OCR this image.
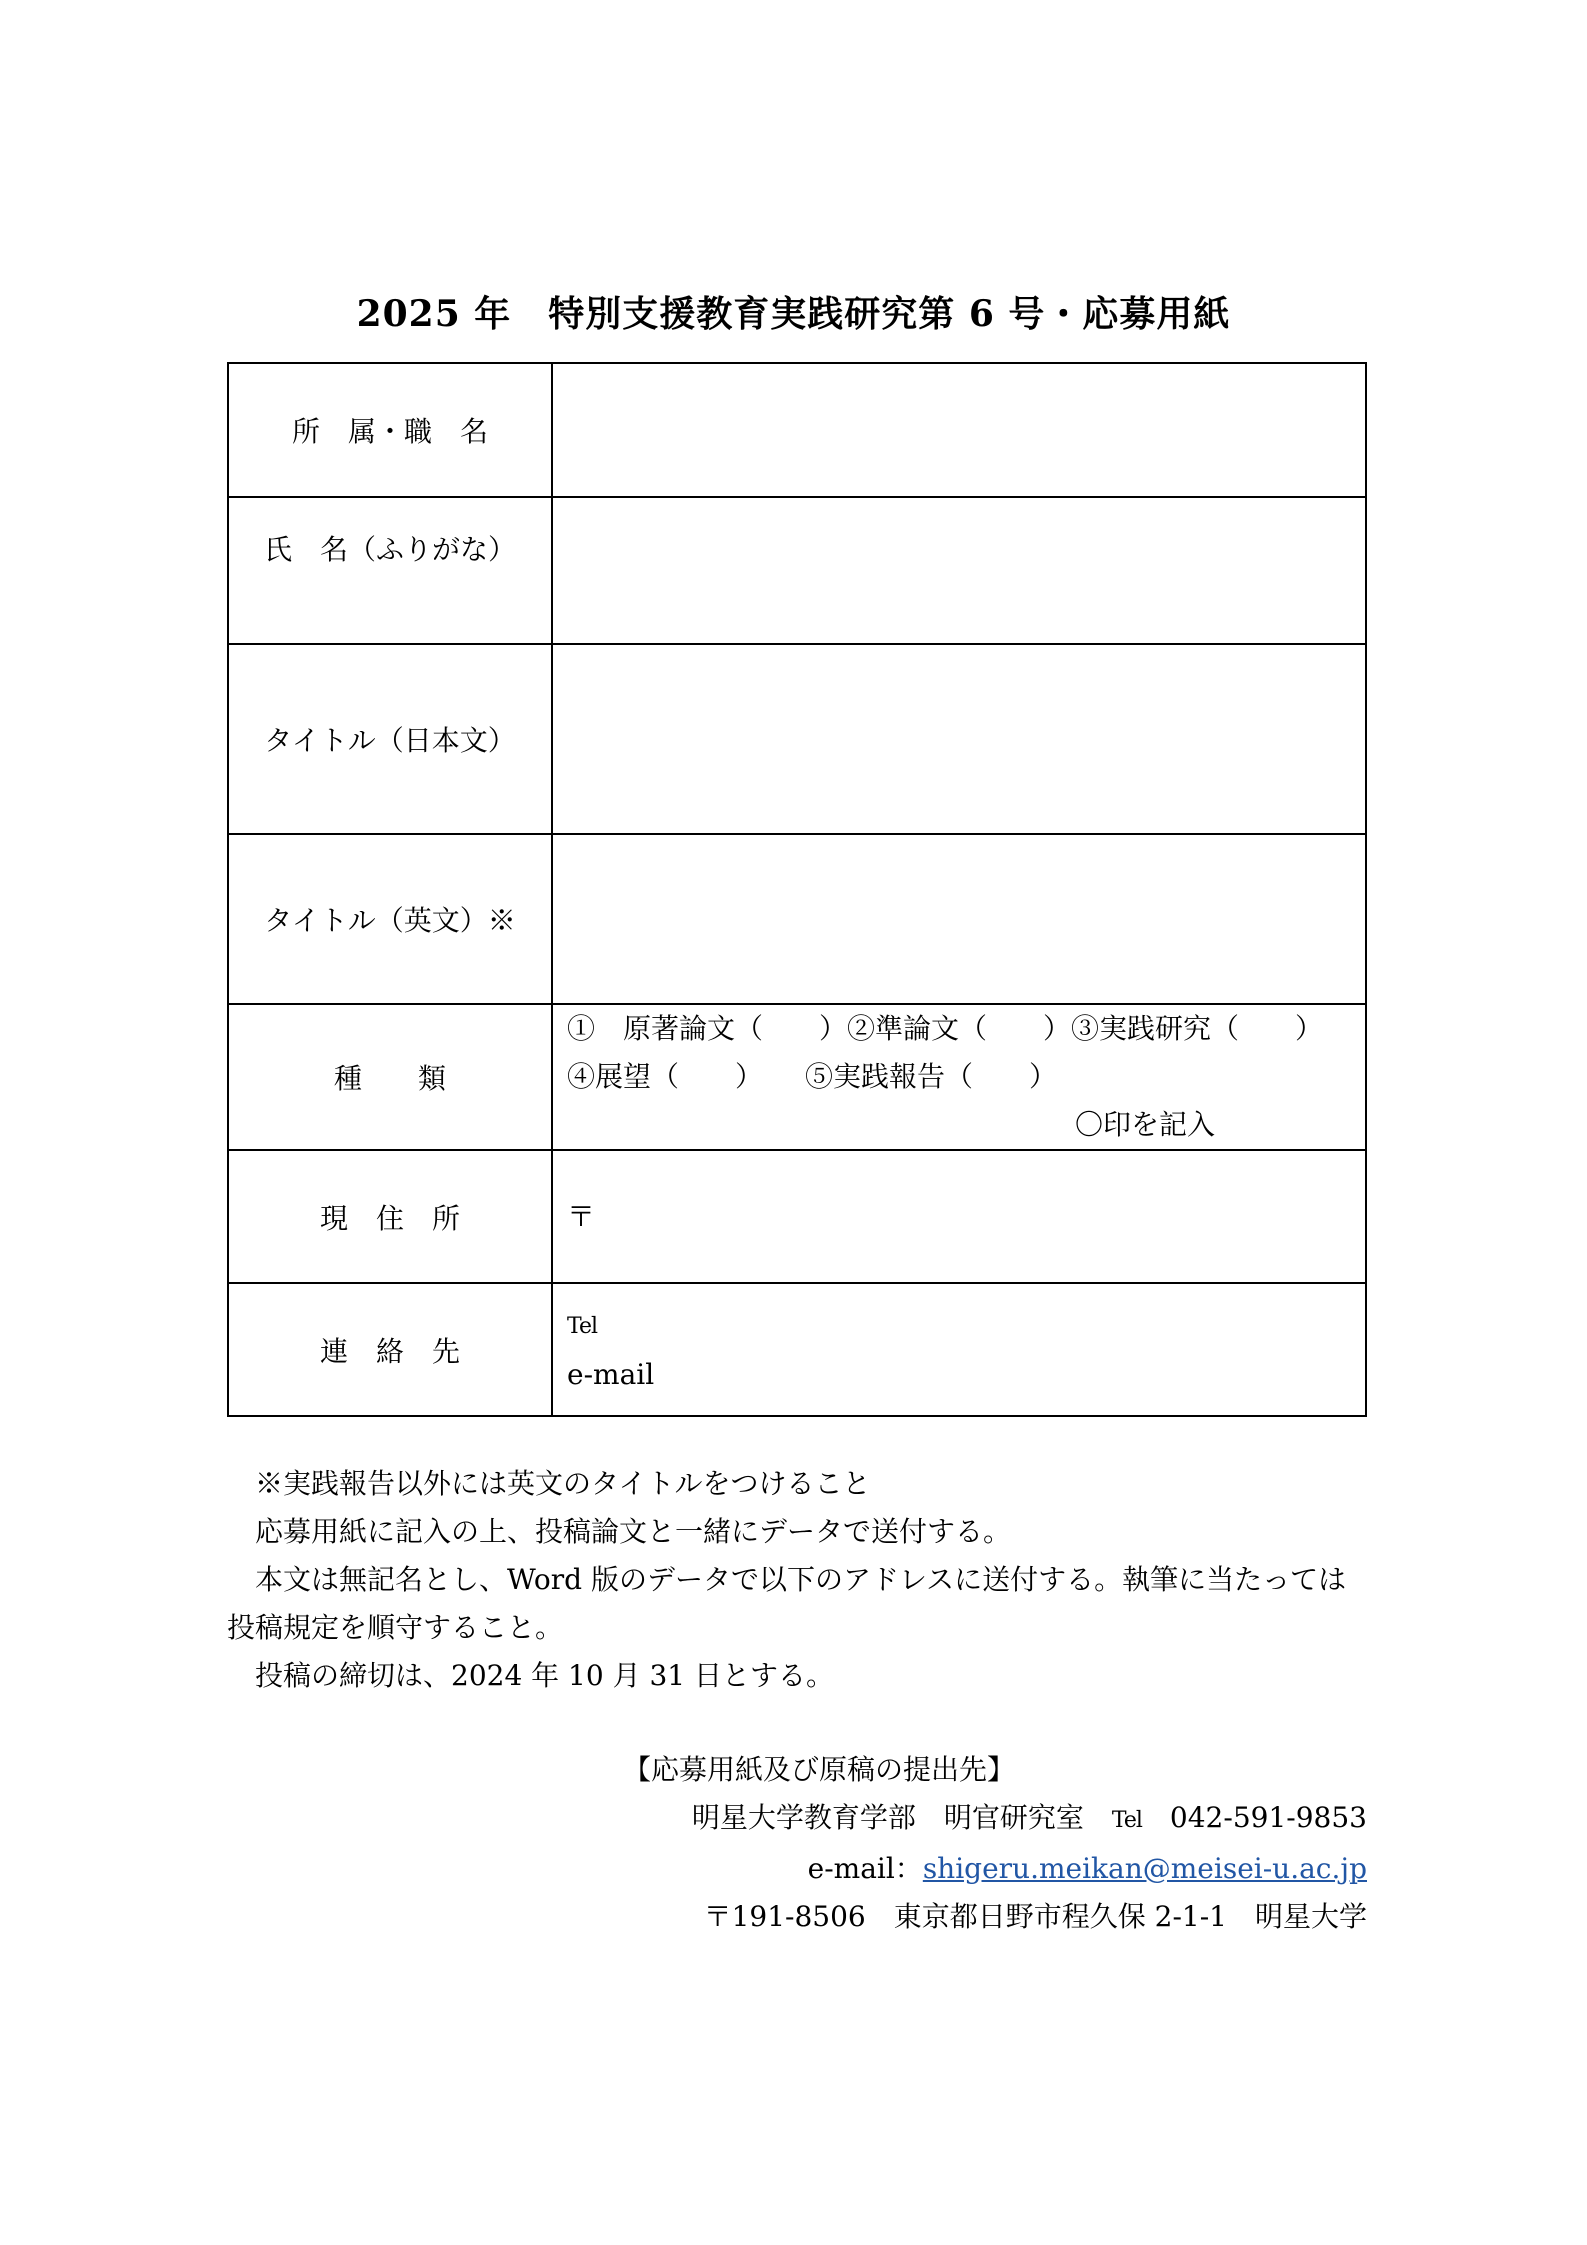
2025 年　特別支援教育実践研究第 6 号・応募用紙
所　属・職　名	
氏　名（ふりがな）	
タイトル（日本文）	
タイトル（英文）※	
種　　類	①　原著論文（　　）②準論文（　　）③実践研究（　　）
④展望（　　）　　⑤実践報告（　　）
〇印を記入

現　住　所	〒

連　絡　先	Tel
e-mail

※実践報告以外には英文のタイトルをつけること

応募用紙に記入の上、投稿論文と一緒にデータで送付する。

本文は無記名とし、Word 版のデータで以下のアドレスに送付する。執筆に当たっては

投稿規定を順守すること。

投稿の締切は、2024 年 10 月 31 日とする。

【応募用紙及び原稿の提出先】

明星大学教育学部　明官研究室　 Tel　 042-591-9853

e-mail：shigeru.meikan@meisei-u.ac.jp

〒191-8506　東京都日野市程久保 2-1-1　明星大学
